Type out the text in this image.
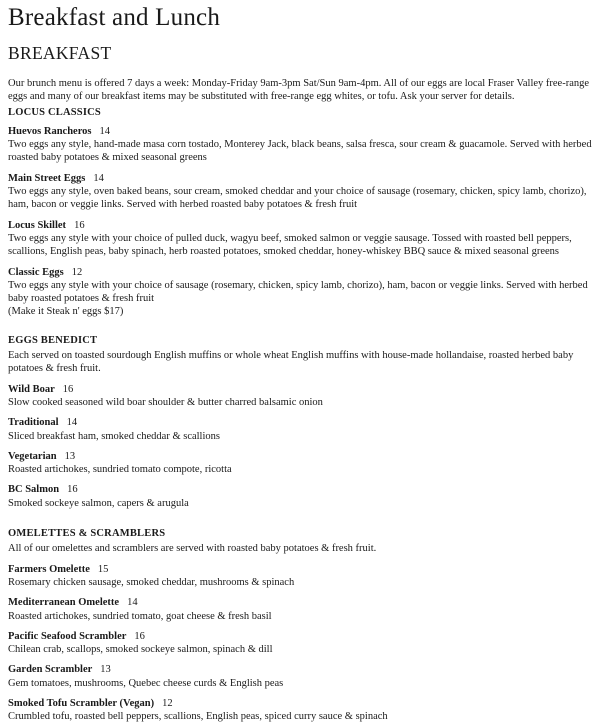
Breakfast and Lunch
BREAKFAST

Our brunch menu is offered 7 days a week: Monday-Friday 9am-3pm Sat/Sun 9am-4pm. All of our eggs are local Fraser Valley free-range eggs and many of our breakfast items may be substituted with free-range egg whites, or tofu. Ask your server for details.

LOCUS CLASSICS

Huevos Rancheros 14

Two eggs any style, hand-made masa corn tostado, Monterey Jack, black beans, salsa fresca, sour cream & guacamole. Served with herbed roasted baby potatoes & mixed seasonal greens

Main Street Eggs 14

Two eggs any style, oven baked beans, sour cream, smoked cheddar and your choice of sausage (rosemary, chicken, spicy lamb, chorizo), ham, bacon or veggie links. Served with herbed roasted baby potatoes & fresh fruit

Locus Skillet 16

Two eggs any style with your choice of pulled duck, wagyu beef, smoked salmon or veggie sausage. Tossed with roasted bell peppers, scallions, English peas, baby spinach, herb roasted potatoes, smoked cheddar, honey-whiskey BBQ sauce & mixed seasonal greens

Classic Eggs 12

Two eggs any style with your choice of sausage (rosemary, chicken, spicy lamb, chorizo), ham, bacon or veggie links. Served with herbed baby roasted potatoes & fresh fruit

(Make it Steak n' eggs $17)

EGGS BENEDICT

Each served on toasted sourdough English muffins or whole wheat English muffins with house-made hollandaise, roasted herbed baby potatoes & fresh fruit.

Wild Boar 16

Slow cooked seasoned wild boar shoulder & butter charred balsamic onion

Traditional 14

Sliced breakfast ham, smoked cheddar & scallions

Vegetarian 13

Roasted artichokes, sundried tomato compote, ricotta

BC Salmon 16

Smoked sockeye salmon, capers & arugula

OMELETTES & SCRAMBLERS

All of our omelettes and scramblers are served with roasted baby potatoes & fresh fruit.

Farmers Omelette 15

Rosemary chicken sausage, smoked cheddar, mushrooms & spinach

Mediterranean Omelette 14

Roasted artichokes, sundried tomato, goat cheese & fresh basil

Pacific Seafood Scrambler 16

Chilean crab, scallops, smoked sockeye salmon, spinach & dill

Garden Scrambler 13

Gem tomatoes, mushrooms, Quebec cheese curds & English peas

Smoked Tofu Scrambler (Vegan) 12

Crumbled tofu, roasted bell peppers, scallions, English peas, spiced curry sauce & spinach
